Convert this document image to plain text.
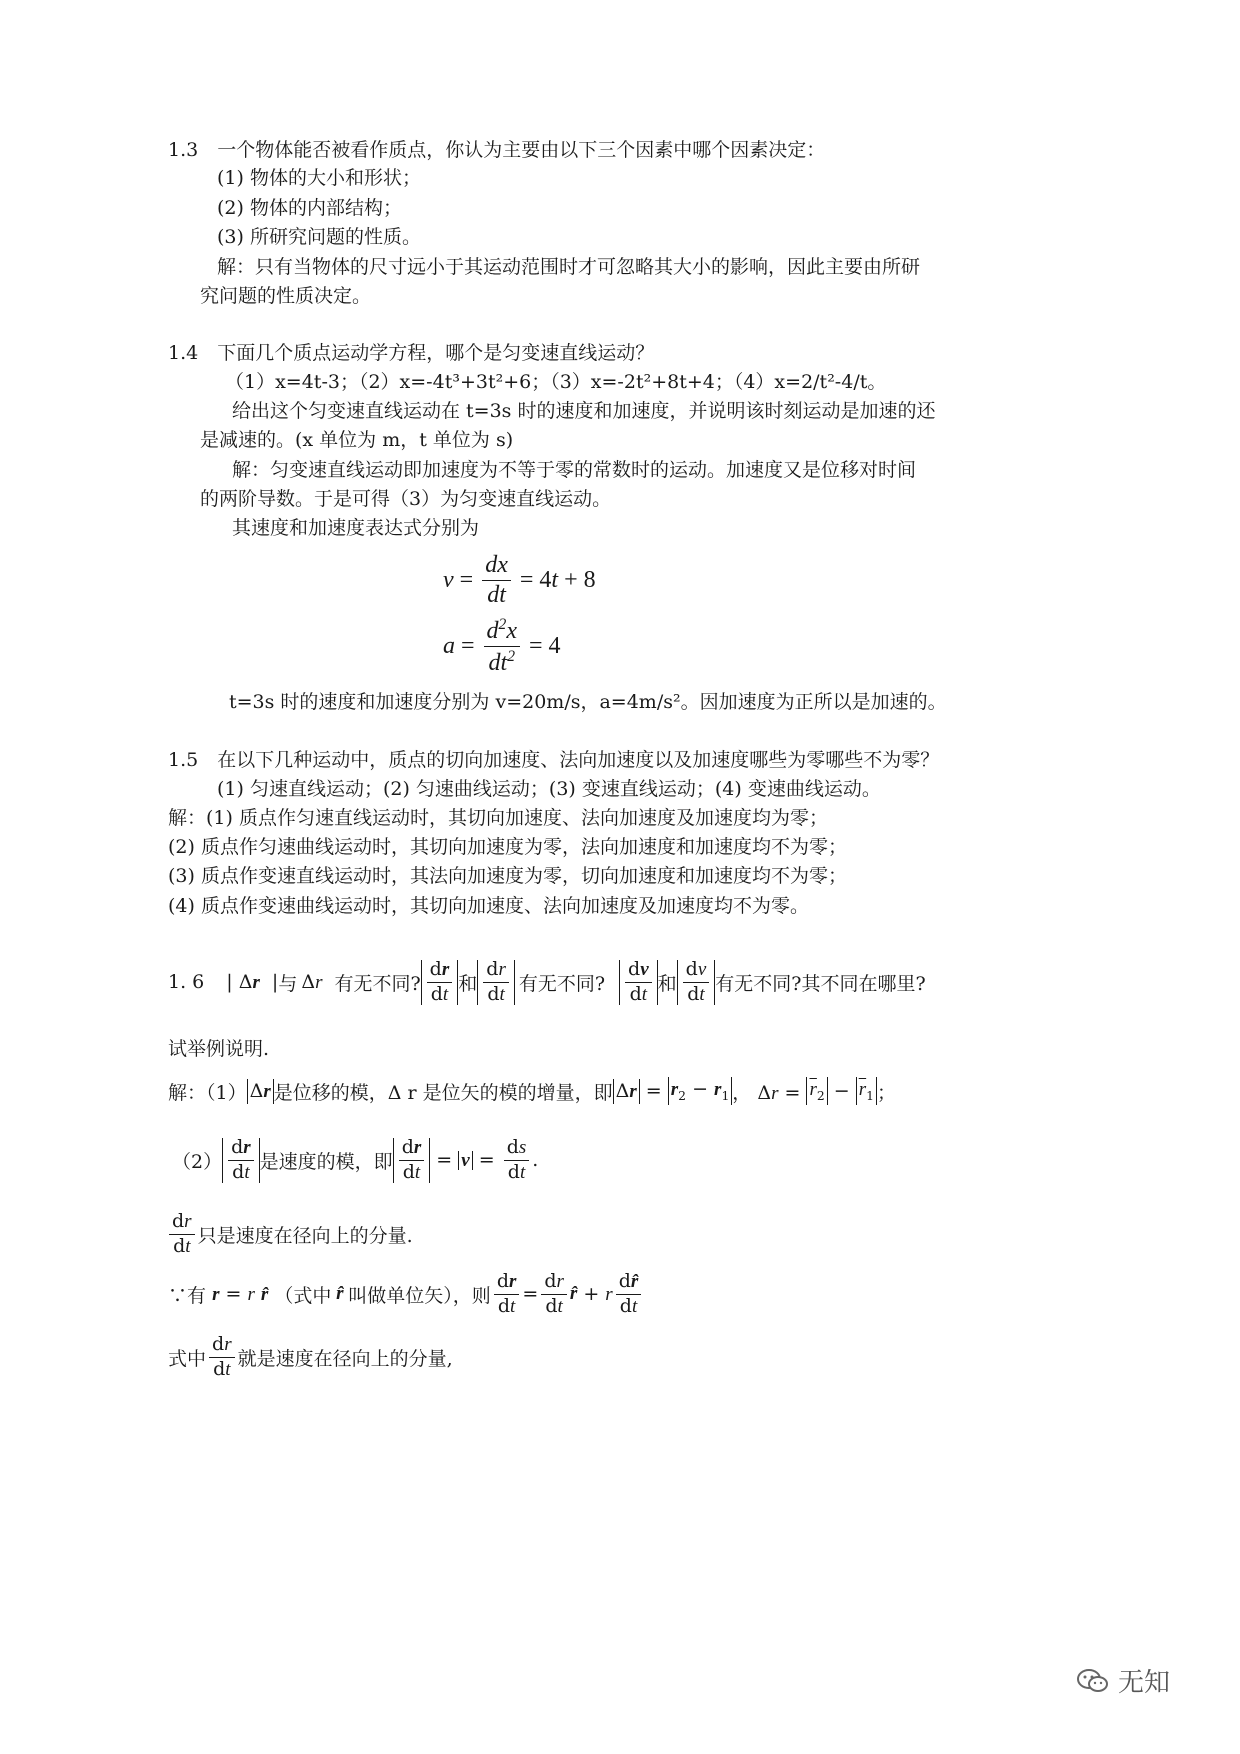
1.3　一个物体能否被看作质点，你认为主要由以下三个因素中哪个因素决定：
(1) 物体的大小和形状；
(2) 物体的内部结构；
(3) 所研究问题的性质。
解：只有当物体的尺寸远小于其运动范围时才可忽略其大小的影响，因此主要由所研
究问题的性质决定。
1.4　下面几个质点运动学方程，哪个是匀变速直线运动？
（1）x=4t-3；（2）x=-4t³+3t²+6；（3）x=-2t²+8t+4；（4）x=2/t²-4/t。
给出这个匀变速直线运动在 t=3s 时的速度和加速度，并说明该时刻运动是加速的还
是减速的。(x 单位为 m，t 单位为 s)
解：匀变速直线运动即加速度为不等于零的常数时的运动。加速度又是位移对时间
的两阶导数。于是可得（3）为匀变速直线运动。
其速度和加速度表达式分别为
$v = \frac{dx}{dt} = 4$ t + 8
$a = \frac{d^2x}{dt^2} = 4$
t=3s 时的速度和加速度分别为 v=20m/s，a=4m/s²。因加速度为正所以是加速的。
1.5　在以下几种运动中，质点的切向加速度、法向加速度以及加速度哪些为零哪些不为零？
(1) 匀速直线运动；(2) 匀速曲线运动；(3) 变速直线运动；(4) 变速曲线运动。
解：(1) 质点作匀速直线运动时，其切向加速度、法向加速度及加速度均为零；
(2) 质点作匀速曲线运动时，其切向加速度为零，法向加速度和加速度均不为零；
(3) 质点作变速直线运动时，其法向加速度为零，切向加速度和加速度均不为零；
(4) 质点作变速曲线运动时，其切向加速度、法向加速度及加速度均不为零。
1. 6 | Δr  | 与 Δr 有无不同? $\frac{dr}{dt}$ 和 $\frac{dr}{dt}$ 有无不同? $\frac{dv}{dt}$ 和 $\frac{dv}{dt}$ 有无不同?其不同在哪里?
试举例说明.
解：（1） Δr 是位移的模，Δ r 是位矢的模的增量，即 $\Delta r = r_2 - r_1$ ， $\Delta r = \overline{r}_2 - \overline{r}_1$ ；
$(2) \frac{dr}{dt}$ 是速度的模，即 $\frac{dr}{dt} = v = \frac{ds}{dt}$ .
$\frac{dr}{dt}$ 只是速度在径向上的分量.
∵有 r = r r̂ （式中 r̂ 叫做单位矢），则 $\frac{dr}{dt} = \frac{dr}{dt}$ r̂ + r $\frac{dr̂}{dt}$
式中 $\frac{dr}{dt}$ 就是速度在径向上的分量,
无知
